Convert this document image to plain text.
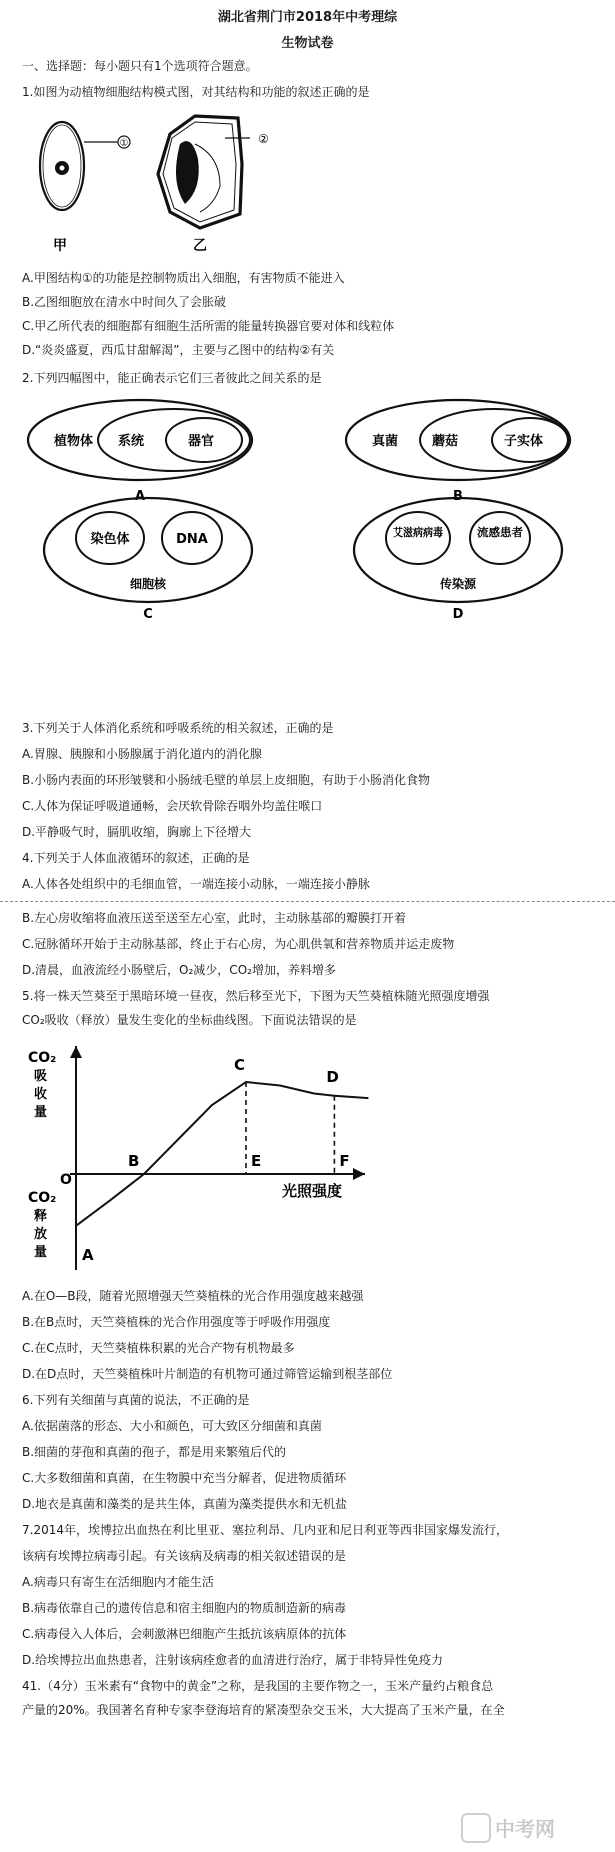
湖北省荆门市2018年中考理综
生物试卷
一、选择题：每小题只有1个选项符合题意。
1.如图为动植物细胞结构模式图，对其结构和功能的叙述正确的是
①	②
甲	乙
A.甲图结构①的功能是控制物质出入细胞，有害物质不能进入
B.乙图细胞放在清水中时间久了会胀破
C.甲乙所代表的细胞都有细胞生活所需的能量转换器官要对体和线粒体
D.“炎炎盛夏，西瓜甘甜解渴”，主要与乙图中的结构②有关
2.下列四幅图中，能正确表示它们三者彼此之间关系的是
植物体 系统	器官
A
真菌	蘑菇	子实体
B
染色体	DNA
细胞核
C
艾滋病病毒	流感患者
传染源
D
3.下列关于人体消化系统和呼吸系统的相关叙述，正确的是
A.胃腺、胰腺和小肠腺属于消化道内的消化腺
B.小肠内表面的环形皱襞和小肠绒毛壁的单层上皮细胞，有助于小肠消化食物
C.人体为保证呼吸道通畅，会厌软骨除吞咽外均盖住喉口
D.平静吸气时，膈肌收缩，胸廓上下径增大
4.下列关于人体血液循环的叙述，正确的是
A.人体各处组织中的毛细血管，一端连接小动脉，一端连接小静脉
B.左心房收缩将血液压送至送至左心室，此时，主动脉基部的瓣膜打开着
C.冠脉循环开始于主动脉基部，终止于右心房，为心肌供氧和营养物质并运走废物
D.清晨，血液流经小肠壁后，O₂减少，CO₂增加，养料增多
5.将一株天竺葵至于黑暗环境一昼夜，然后移至光下，下图为天竺葵植株随光照强度增强
CO₂吸收（释放）量发生变化的坐标曲线图。下面说法错误的是
CO₂
吸
收
量
CO₂
释
放
量
光照强度
O
E	F
A
B
C
D
A.在O—B段，随着光照增强天竺葵植株的光合作用强度越来越强
B.在B点时，天竺葵植株的光合作用强度等于呼吸作用强度
C.在C点时，天竺葵植株积累的光合产物有机物最多
D.在D点时，天竺葵植株叶片制造的有机物可通过筛管运输到根茎部位
6.下列有关细菌与真菌的说法，不正确的是
A.依据菌落的形态、大小和颜色，可大致区分细菌和真菌
B.细菌的芽孢和真菌的孢子，都是用来繁殖后代的
C.大多数细菌和真菌，在生物膜中充当分解者，促进物质循环
D.地衣是真菌和藻类的是共生体，真菌为藻类提供水和无机盐
7.2014年，埃博拉出血热在利比里亚、塞拉利昂、几内亚和尼日利亚等西非国家爆发流行，
该病有埃博拉病毒引起。有关该病及病毒的相关叙述错误的是
A.病毒只有寄生在活细胞内才能生活
B.病毒依靠自己的遗传信息和宿主细胞内的物质制造新的病毒
C.病毒侵入人体后，会刺激淋巴细胞产生抵抗该病原体的抗体
D.给埃博拉出血热患者，注射该病痊愈者的血清进行治疗，属于非特异性免疫力
41.（4分）玉米素有“食物中的黄金”之称，是我国的主要作物之一，玉米产量约占粮食总
产量的20%。我国著名育种专家李登海培育的紧凑型杂交玉米，大大提高了玉米产量，在全
中考网
